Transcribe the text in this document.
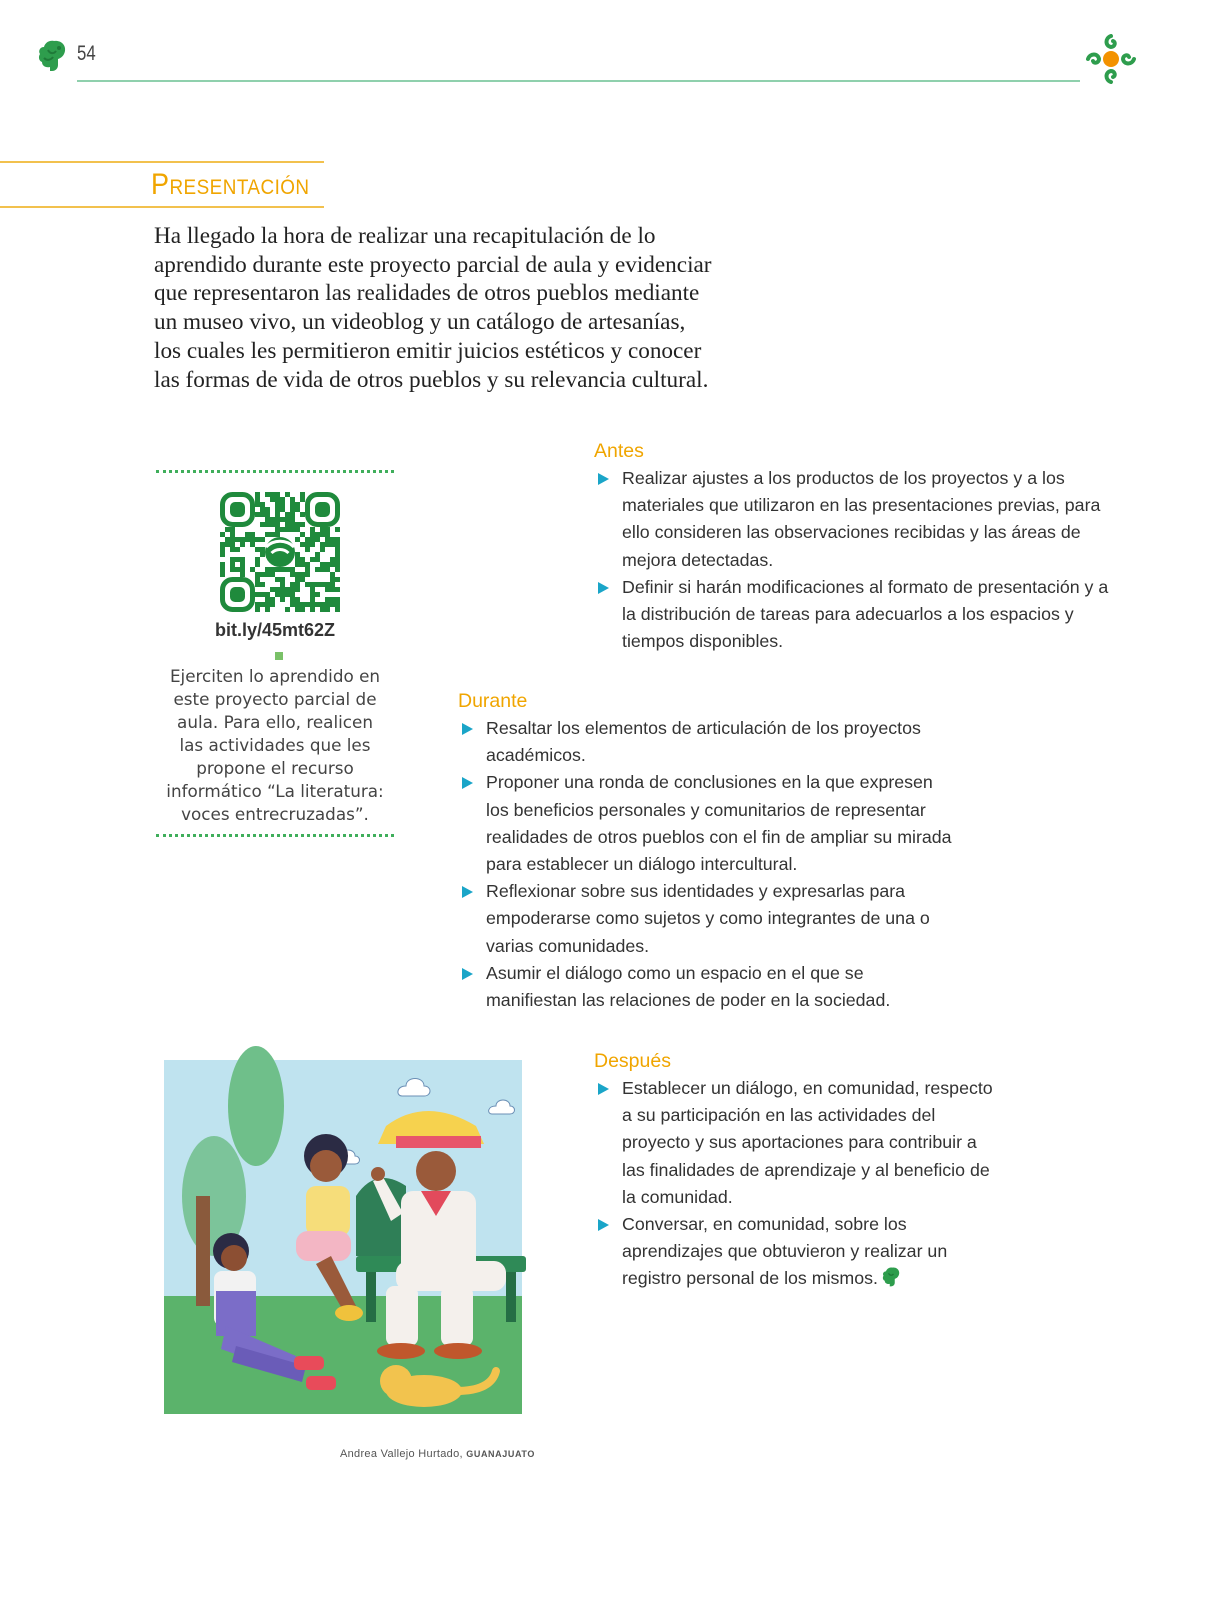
54
Presentación
Ha llegado la hora de realizar una recapitulación de lo
aprendido durante este proyecto parcial de aula y evidenciar
que representaron las realidades de otros pueblos mediante
un museo vivo, un videoblog y un catálogo de artesanías,
los cuales les permitieron emitir juicios estéticos y conocer
las formas de vida de otros pueblos y su relevancia cultural.
bit.ly/45mt62Z
Ejerciten lo aprendido en este proyecto parcial de aula. Para ello, realicen las actividades que les propone el recurso informático “La literatura: voces entrecruzadas”.
Antes
Realizar ajustes a los productos de los proyectos y a los materiales que utilizaron en las presentaciones previas, para ello consideren las observaciones recibidas y las áreas de mejora detectadas.
Definir si harán modificaciones al formato de presentación y a la distribución de tareas para adecuarlos a los espacios y tiempos disponibles.
Durante
Resaltar los elementos de articulación de los proyectos académicos.
Proponer una ronda de conclusiones en la que expresen los beneficios personales y comunitarios de representar realidades de otros pueblos con el fin de ampliar su mirada para establecer un diálogo intercultural.
Reflexionar sobre sus identidades y expresarlas para empoderarse como sujetos y como integrantes de una o varias comunidades.
Asumir el diálogo como un espacio en el que se manifiestan las relaciones de poder en la sociedad.
Andrea Vallejo Hurtado, GUANAJUATO
Después
Establecer un diálogo, en comunidad, respecto a su participación en las actividades del proyecto y sus aportaciones para contribuir a las finalidades de aprendizaje y al beneficio de la comunidad.
Conversar, en comunidad, sobre los aprendizajes que obtuvieron y realizar un registro personal de los mismos.
